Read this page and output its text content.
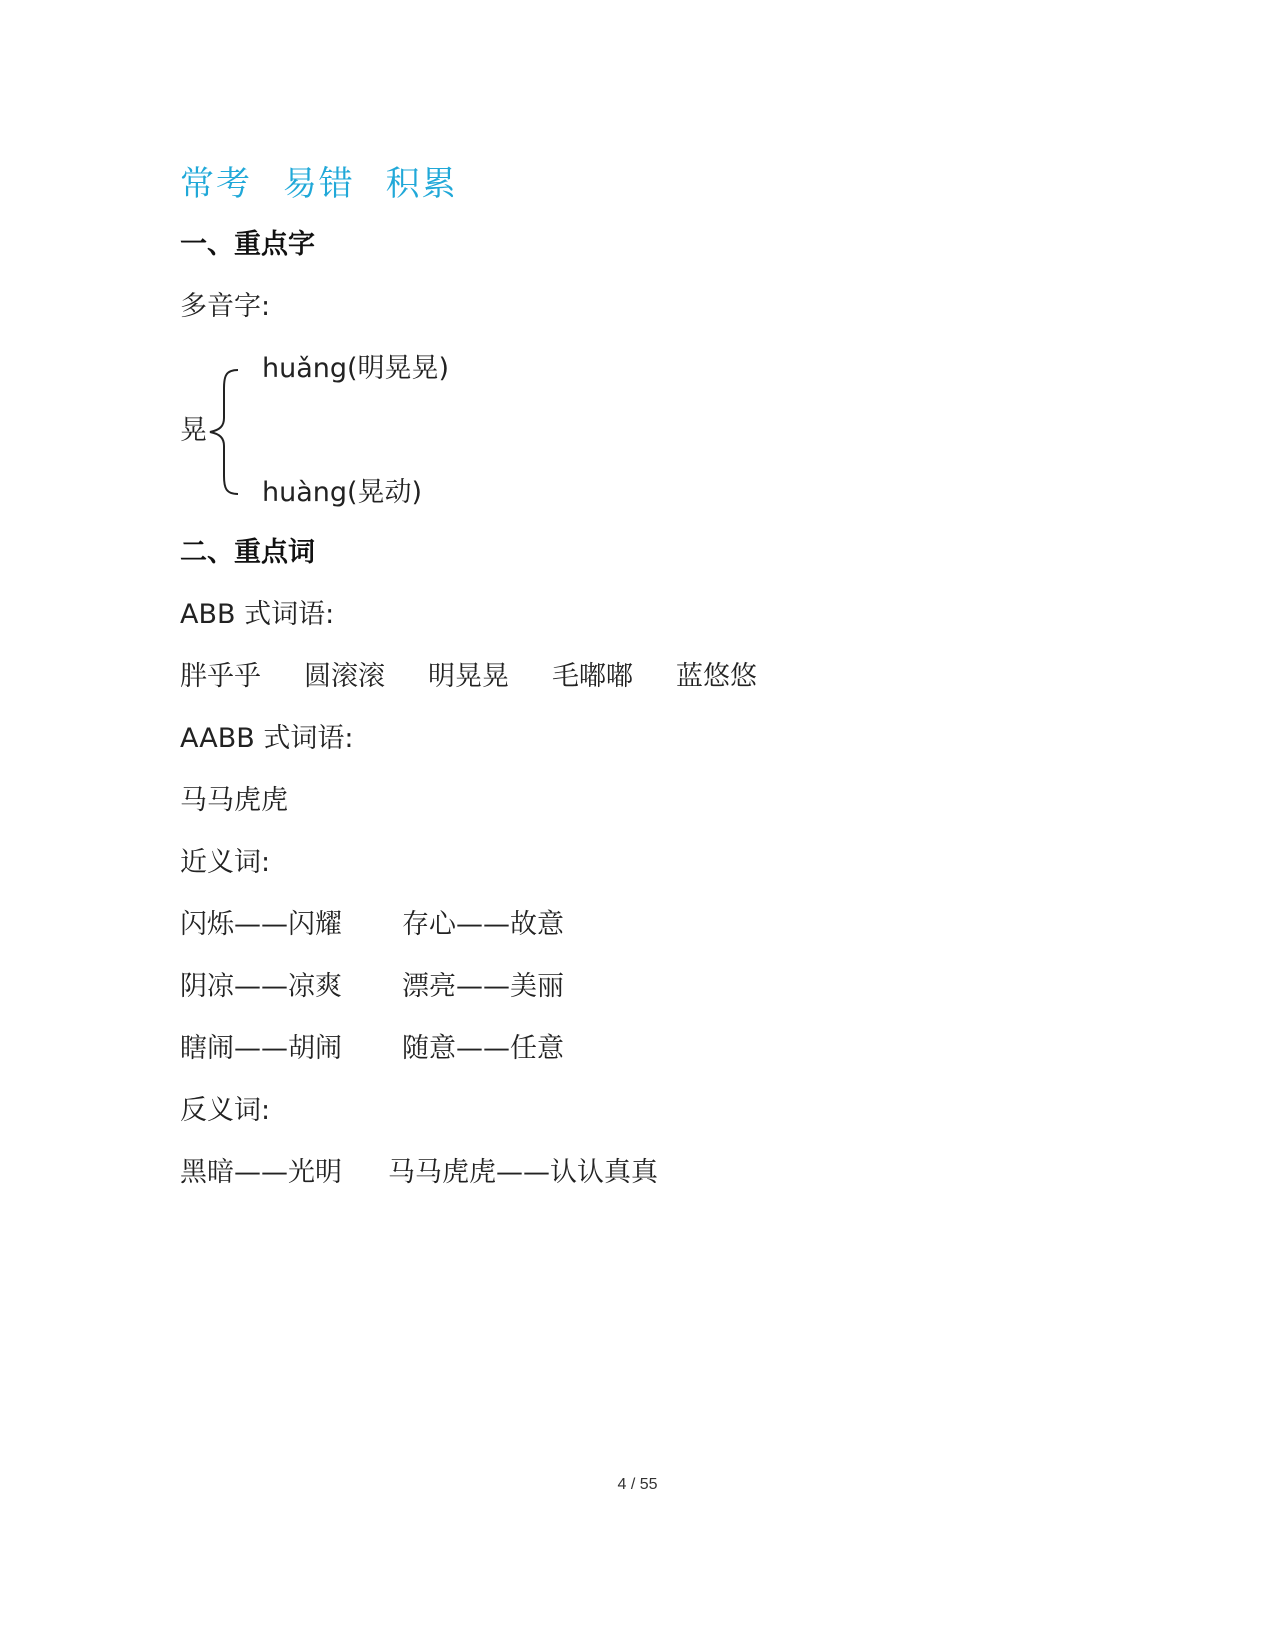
常考 易错 积累
一、重点字
多音字:
晃
huǎng(明晃晃)
huàng(晃动)
二、重点词
ABB 式词语:
胖乎乎 圆滚滚 明晃晃 毛嘟嘟 蓝悠悠
AABB 式词语:
马马虎虎
近义词:
闪烁——闪耀 存心——故意
阴凉——凉爽 漂亮——美丽
瞎闹——胡闹 随意——任意
反义词:
黑暗——光明 马马虎虎——认认真真
4 / 55
